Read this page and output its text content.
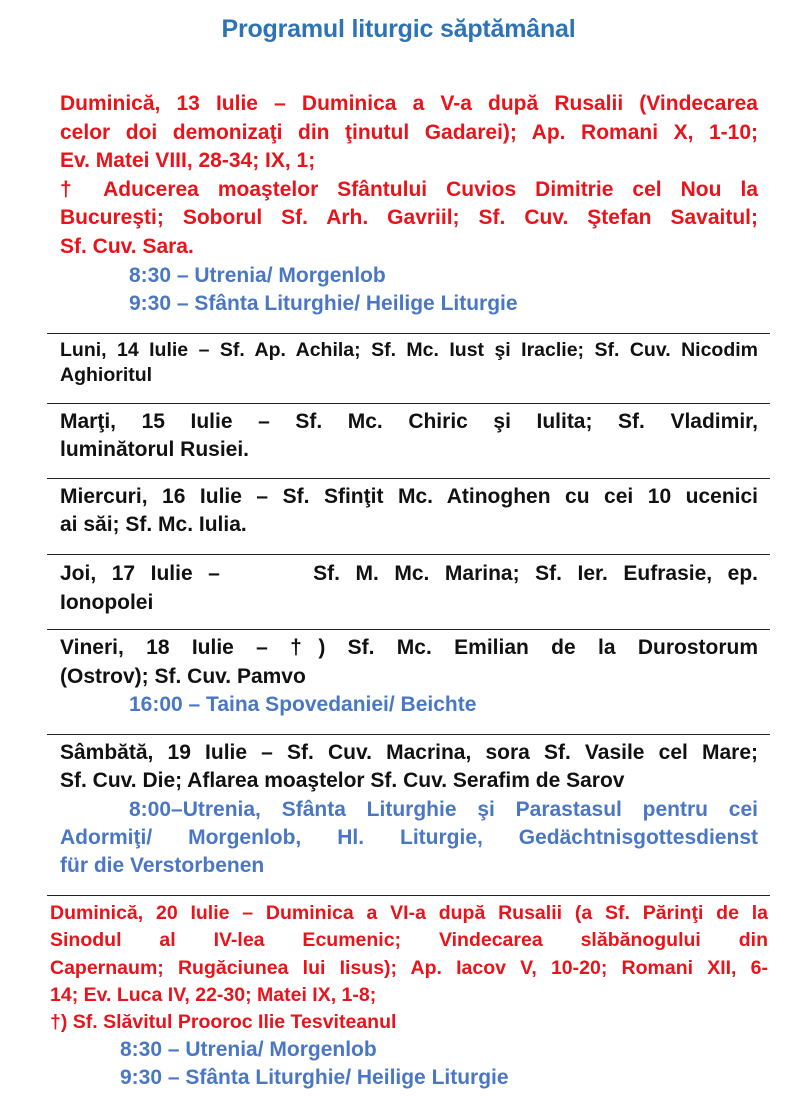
Programul liturgic săptămânal
Duminică, 13 Iulie – Duminica a V-a după Rusalii (Vindecarea
celor doi demonizaţi din ţinutul Gadarei); Ap. Romani X, 1-10;
Ev. Matei VIII, 28-34; IX, 1;
† Aducerea moaştelor Sfântului Cuvios Dimitrie cel Nou la
Bucureşti; Soborul Sf. Arh. Gavriil; Sf. Cuv. Ştefan Savaitul;
Sf. Cuv. Sara.
8:30 – Utrenia/ Morgenlob
9:30 – Sfânta Liturghie/ Heilige Liturgie
Luni, 14 Iulie – Sf. Ap. Achila; Sf. Mc. Iust şi Iraclie; Sf. Cuv. Nicodim
Aghioritul
Marţi, 15 Iulie – Sf. Mc. Chiric şi Iulita; Sf. Vladimir,
luminătorul Rusiei.
Miercuri, 16 Iulie – Sf. Sfinţit Mc. Atinoghen cu cei 10 ucenici
ai săi; Sf. Mc. Iulia.
Joi, 17 Iulie –      Sf. M. Mc. Marina; Sf. Ier. Eufrasie, ep.
Ionopolei
Vineri, 18 Iulie – †) Sf. Mc. Emilian de la Durostorum
(Ostrov); Sf. Cuv. Pamvo
16:00 – Taina Spovedaniei/ Beichte
Sâmbătă, 19 Iulie – Sf. Cuv. Macrina, sora Sf. Vasile cel Mare;
Sf. Cuv. Die; Aflarea moaştelor Sf. Cuv. Serafim de Sarov
8:00–Utrenia, Sfânta Liturghie şi Parastasul pentru cei
Adormiţi/ Morgenlob, Hl. Liturgie, Gedächtnisgottesdienst
für die Verstorbenen
Duminică, 20 Iulie – Duminica a VI-a după Rusalii (a Sf. Părinţi de la
Sinodul al IV-lea Ecumenic; Vindecarea slăbănogului din
Capernaum; Rugăciunea lui Iisus); Ap. Iacov V, 10-20; Romani XII, 6-
14; Ev. Luca IV, 22-30; Matei IX, 1-8;
†) Sf. Slăvitul Prooroc Ilie Tesviteanul
8:30 – Utrenia/ Morgenlob
9:30 – Sfânta Liturghie/ Heilige Liturgie
